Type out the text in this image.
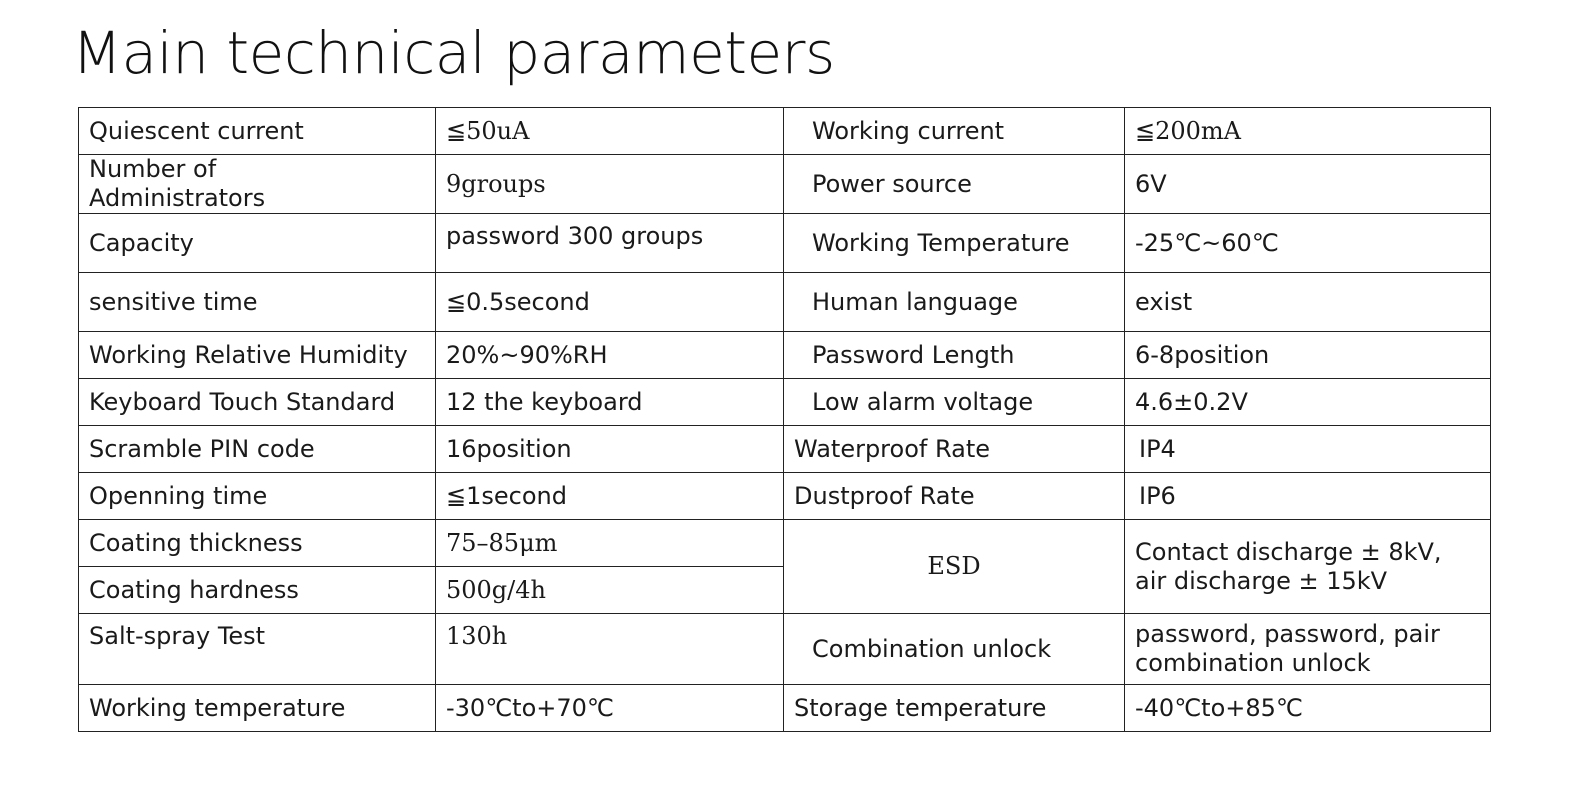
Main technical parameters
Quiescent current	≦50uA	Working current	≦200mA
Number of
Administrators	9groups	Power source	6V
Capacity	password 300 groups	Working Temperature	-25℃~60℃
sensitive time	≦0.5second	Human language	exist
Working Relative Humidity	20%~90%RH	Password Length	6-8position
Keyboard Touch Standard	12 the keyboard	Low alarm voltage	4.6±0.2V
Scramble PIN code	16position	Waterproof Rate	IP4
Openning time	≦1second	Dustproof Rate	IP6
Coating thickness	75–85μm	ESD	Contact discharge ± 8kV,
air discharge ± 15kV
Coating hardness	500g/4h		
Salt-spray Test	130h	Combination unlock	password, password, pair
combination unlock
Working temperature	-30℃to+70℃	Storage temperature	-40℃to+85℃
